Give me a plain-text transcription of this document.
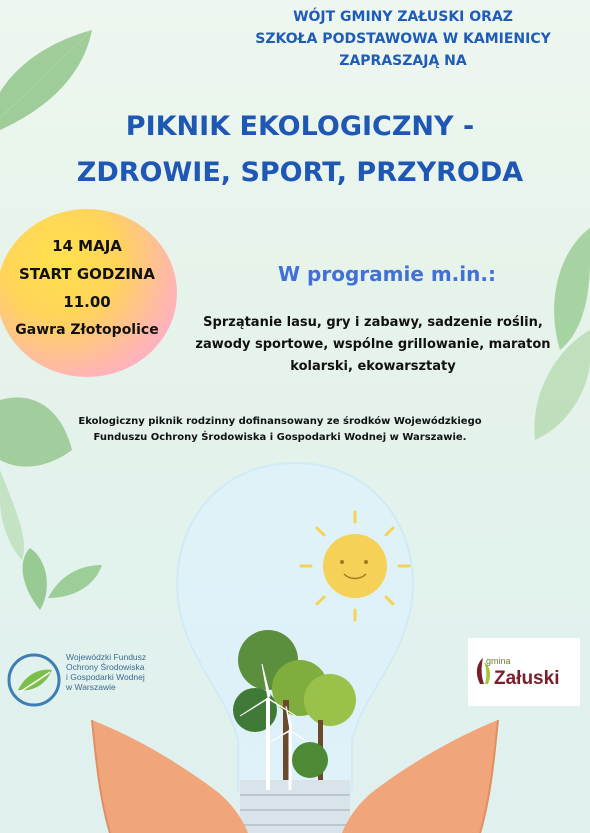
WÓJT GMINY ZAŁUSKI ORAZ
SZKOŁA PODSTAWOWA W KAMIENICY
ZAPRASZAJĄ NA
PIKNIK EKOLOGICZNY -
ZDROWIE, SPORT, PRZYRODA
14 MAJA
START GODZINA
11.00
Gawra Złotopolice
W programie m.in.:
Sprzątanie lasu, gry i zabawy, sadzenie roślin,
zawody sportowe, wspólne grillowanie, maraton
kolarski, ekowarsztaty
Ekologiczny piknik rodzinny dofinansowany ze środków Wojewódzkiego
Funduszu Ochrony Środowiska i Gospodarki Wodnej w Warszawie.
Wojewódzki Fundusz
Ochrony Środowiska
i Gospodarki Wodnej
w Warszawie
gmina
Załuski
